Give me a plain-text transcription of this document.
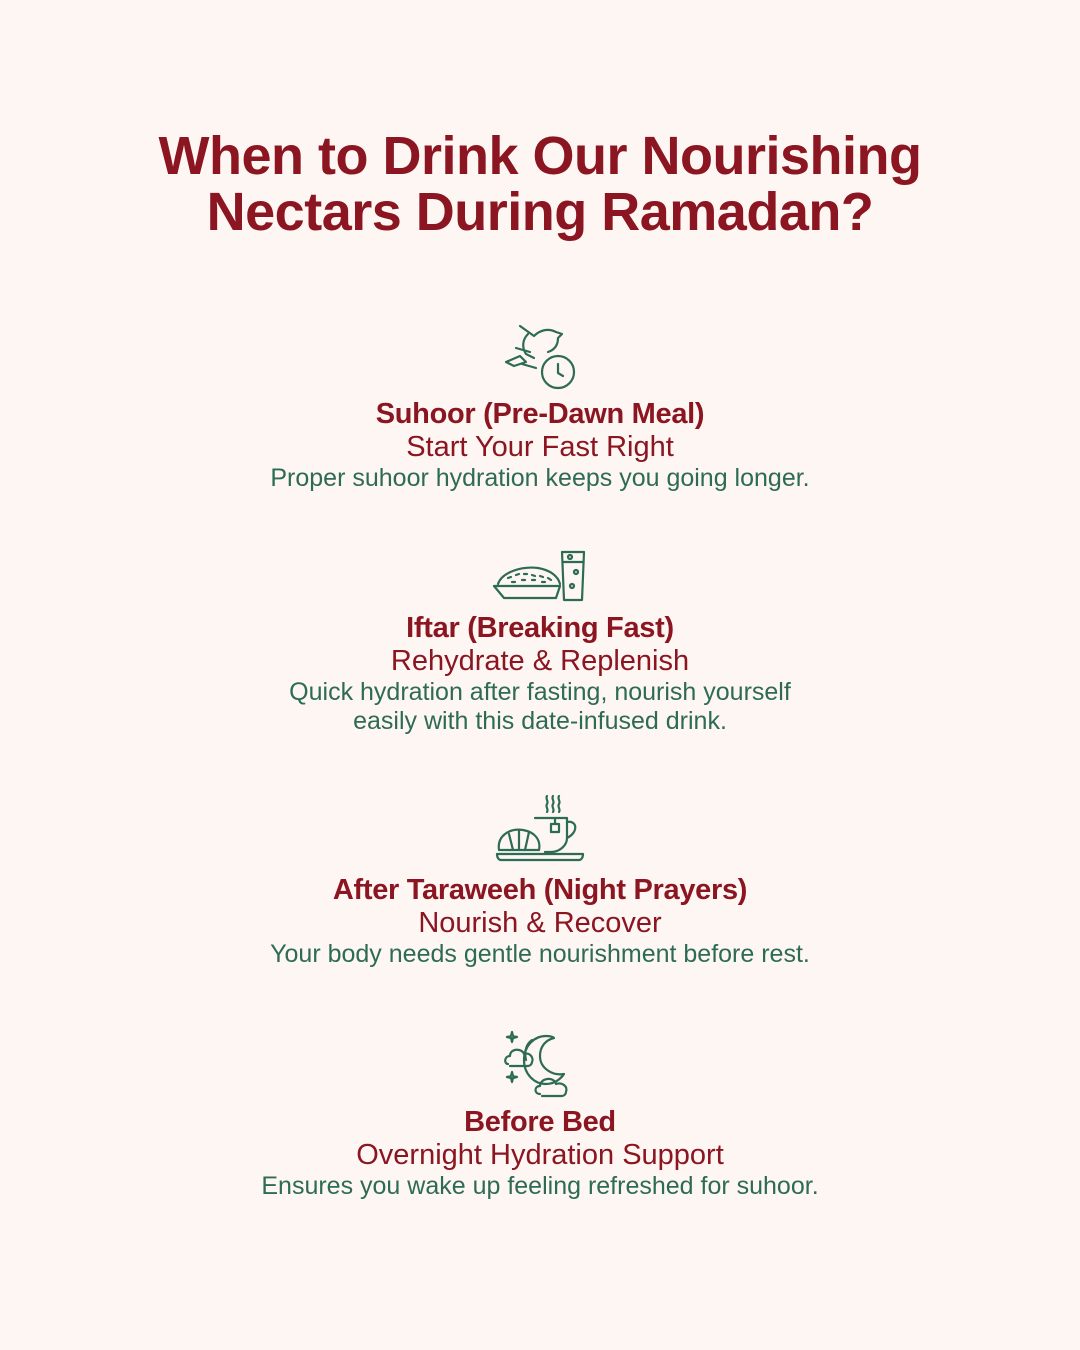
When to Drink Our Nourishing
Nectars During Ramadan?
Suhoor (Pre-Dawn Meal)
Start Your Fast Right
Proper suhoor hydration keeps you going longer.
Iftar (Breaking Fast)
Rehydrate & Replenish
Quick hydration after fasting, nourish yourself
easily with this date-infused drink.
After Taraweeh (Night Prayers)
Nourish & Recover
Your body needs gentle nourishment before rest.
Before Bed
Overnight Hydration Support
Ensures you wake up feeling refreshed for suhoor.
